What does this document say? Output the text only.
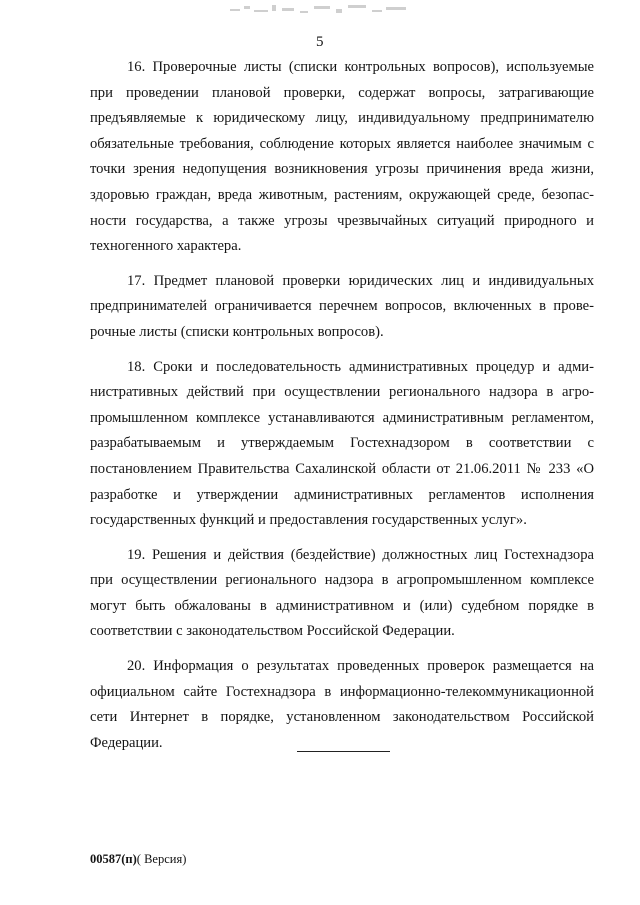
5

16. Проверочные листы (списки контрольных вопросов), используемые при проведении плановой проверки, содержат вопросы, затрагивающие предъявляемые к юридическому лицу, индивидуальному предпринимателю обязательные требования, соблюдение которых является наиболее значимым с точки зрения недопущения возникновения угрозы причинения вреда жизни, здоровью граждан, вреда животным, растениям, окружающей среде, безопасности государства, а также угрозы чрезвычайных ситуаций природного и техногенного характера.

17. Предмет плановой проверки юридических лиц и индивидуальных предпринимателей ограничивается перечнем вопросов, включенных в проверочные листы (списки контрольных вопросов).

18. Сроки и последовательность административных процедур и административных действий при осуществлении регионального надзора в агропромышленном комплексе устанавливаются административным регламентом, разрабатываемым и утверждаемым Гостехнадзором в соответствии с постановлением Правительства Сахалинской области от 21.06.2011 № 233 «О разработке и утверждении административных регламентов исполнения государственных функций и предоставления государственных услуг».

19. Решения и действия (бездействие) должностных лиц Гостехнадзора при осуществлении регионального надзора в агропромышленном комплексе могут быть обжалованы в административном и (или) судебном порядке в соответствии с законодательством Российской Федерации.

20. Информация о результатах проведенных проверок размещается на официальном сайте Гостехнадзора в информационно-телекоммуникационной сети Интернет в порядке, установленном законодательством Российской Федерации.

00587(п)( Версия)
